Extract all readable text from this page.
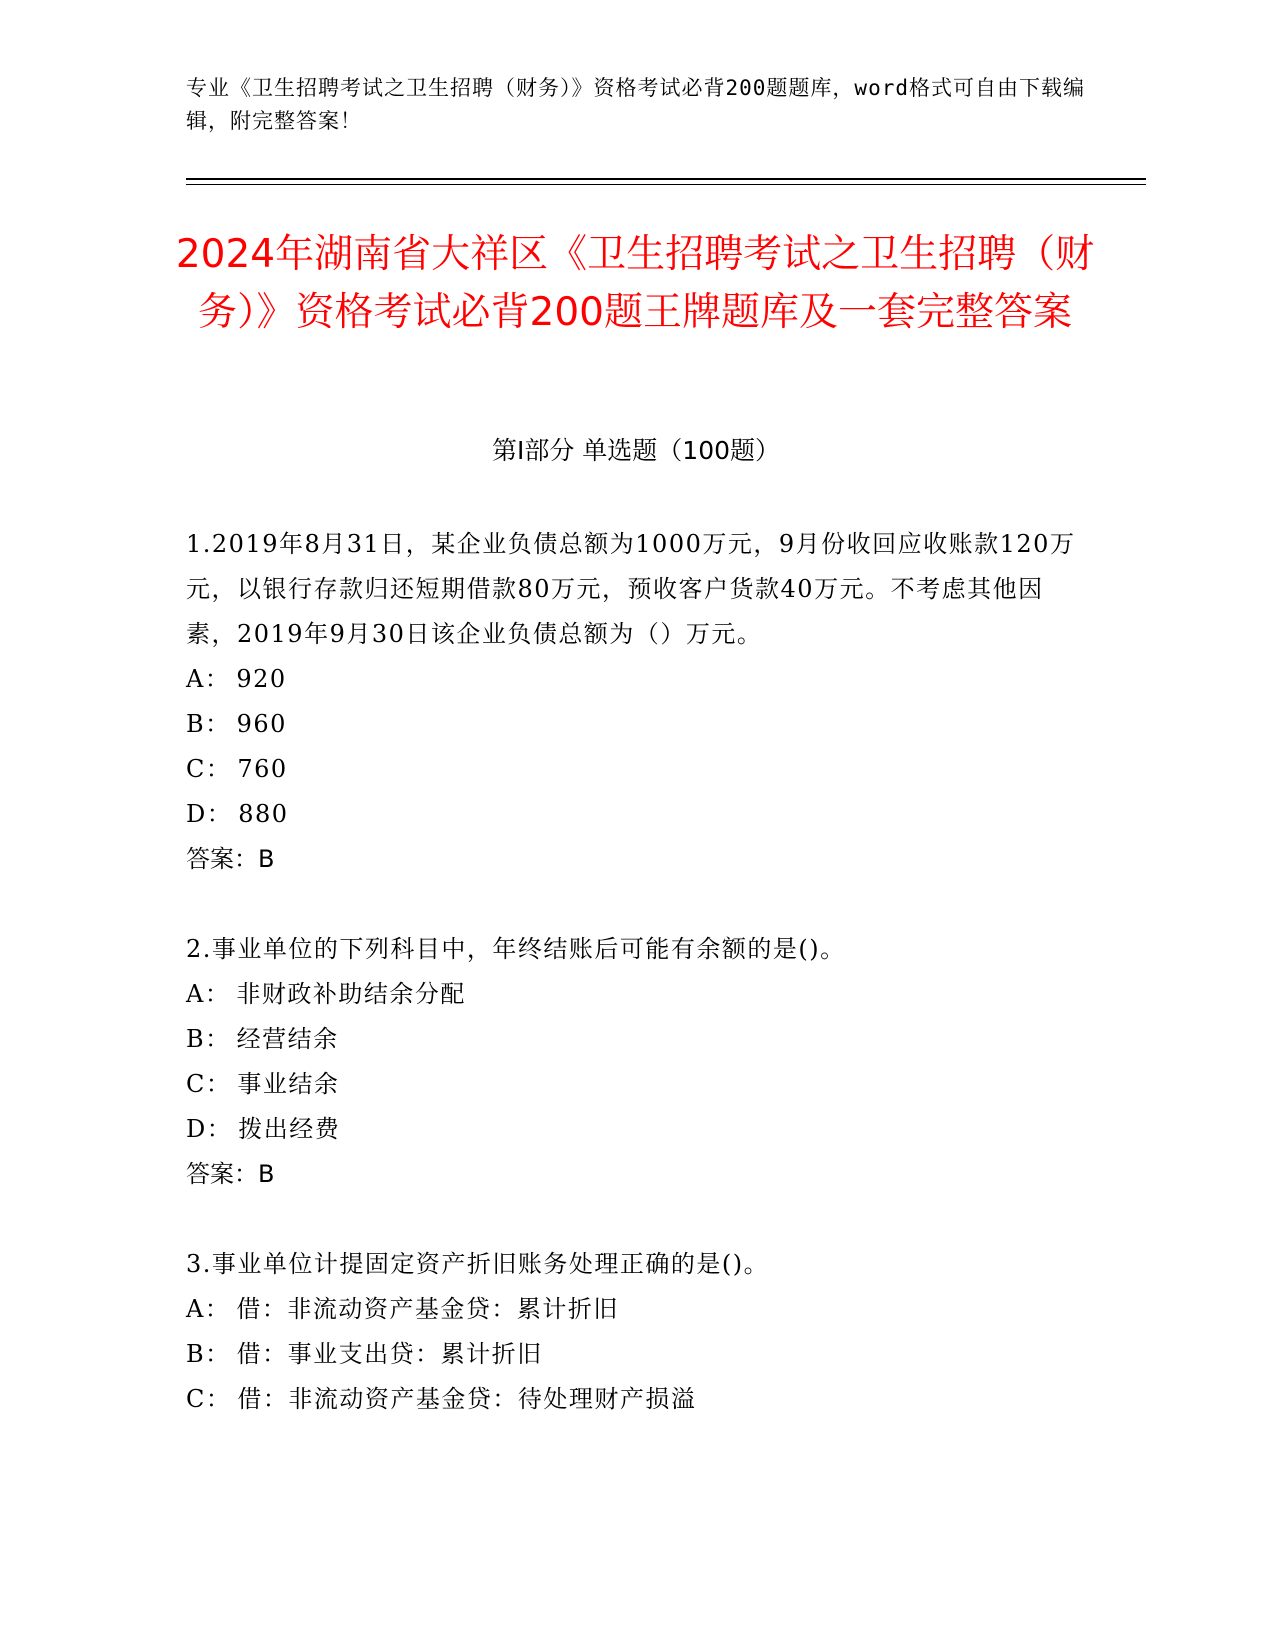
专业《卫生招聘考试之卫生招聘（财务）》资格考试必背200题题库，word格式可自由下载编辑，附完整答案！
2024年湖南省大祥区《卫生招聘考试之卫生招聘（财务）》资格考试必背200题王牌题库及一套完整答案
第Ⅰ部分 单选题（100题）

1.2019年8月31日，某企业负债总额为1000万元，9月份收回应收账款120万元，以银行存款归还短期借款80万元，预收客户货款40万元。不考虑其他因素，2019年9月30日该企业负债总额为（）万元。

A： 920

B： 960

C： 760

D： 880

答案：B

2.事业单位的下列科目中，年终结账后可能有余额的是()。

A： 非财政补助结余分配

B： 经营结余

C： 事业结余

D： 拨出经费

答案：B

3.事业单位计提固定资产折旧账务处理正确的是()。

A： 借：非流动资产基金贷：累计折旧

B： 借：事业支出贷：累计折旧

C： 借：非流动资产基金贷：待处理财产损溢
